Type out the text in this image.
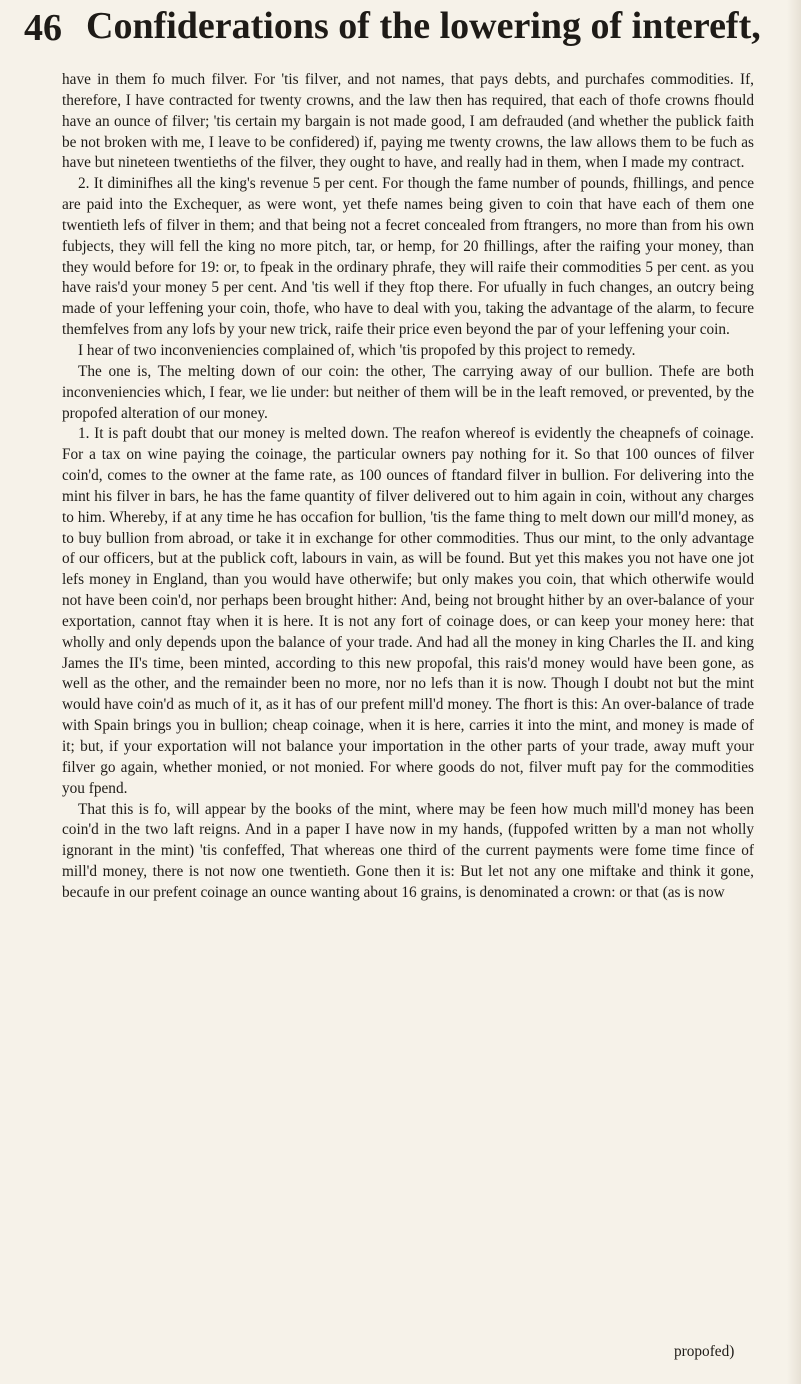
46 Confiderations of the lowering of intereft,

have in them fo much filver. For 'tis filver, and not names, that pays debts, and purchafes commodities. If, therefore, I have contracted for twenty crowns, and the law then has required, that each of thofe crowns fhould have an ounce of filver; 'tis certain my bargain is not made good, I am defrauded (and whether the publick faith be not broken with me, I leave to be confidered) if, paying me twenty crowns, the law allows them to be fuch as have but nineteen twentieths of the filver, they ought to have, and really had in them, when I made my contract.

2. It diminifhes all the king's revenue 5 per cent. For though the fame number of pounds, fhillings, and pence are paid into the Exchequer, as were wont, yet thefe names being given to coin that have each of them one twentieth lefs of filver in them; and that being not a fecret concealed from ftrangers, no more than from his own fubjects, they will fell the king no more pitch, tar, or hemp, for 20 fhillings, after the raifing your money, than they would before for 19: or, to fpeak in the ordinary phrafe, they will raife their commodities 5 per cent. as you have rais'd your money 5 per cent. And 'tis well if they ftop there. For ufually in fuch changes, an outcry being made of your leffening your coin, thofe, who have to deal with you, taking the advantage of the alarm, to fecure themfelves from any lofs by your new trick, raife their price even beyond the par of your leffening your coin.

I hear of two inconveniencies complained of, which 'tis propofed by this project to remedy.

The one is, The melting down of our coin: the other, The carrying away of our bullion. Thefe are both inconveniencies which, I fear, we lie under: but neither of them will be in the leaft removed, or prevented, by the propofed alteration of our money.

1. It is paft doubt that our money is melted down. The reafon whereof is evidently the cheapnefs of coinage. For a tax on wine paying the coinage, the particular owners pay nothing for it. So that 100 ounces of filver coin'd, comes to the owner at the fame rate, as 100 ounces of ftandard filver in bullion. For delivering into the mint his filver in bars, he has the fame quantity of filver delivered out to him again in coin, without any charges to him. Whereby, if at any time he has occafion for bullion, 'tis the fame thing to melt down our mill'd money, as to buy bullion from abroad, or take it in exchange for other commodities. Thus our mint, to the only advantage of our officers, but at the publick coft, labours in vain, as will be found. But yet this makes you not have one jot lefs money in England, than you would have otherwife; but only makes you coin, that which otherwife would not have been coin'd, nor perhaps been brought hither: And, being not brought hither by an over-balance of your exportation, cannot ftay when it is here. It is not any fort of coinage does, or can keep your money here: that wholly and only depends upon the balance of your trade. And had all the money in king Charles the II. and king James the II's time, been minted, according to this new propofal, this rais'd money would have been gone, as well as the other, and the remainder been no more, nor no lefs than it is now. Though I doubt not but the mint would have coin'd as much of it, as it has of our prefent mill'd money. The fhort is this: An over-balance of trade with Spain brings you in bullion; cheap coinage, when it is here, carries it into the mint, and money is made of it; but, if your exportation will not balance your importation in the other parts of your trade, away muft your filver go again, whether monied, or not monied. For where goods do not, filver muft pay for the commodities you fpend.

That this is fo, will appear by the books of the mint, where may be feen how much mill'd money has been coin'd in the two laft reigns. And in a paper I have now in my hands, (fuppofed written by a man not wholly ignorant in the mint) 'tis confeffed, That whereas one third of the current payments were fome time fince of mill'd money, there is not now one twentieth. Gone then it is: But let not any one miftake and think it gone, becaufe in our prefent coinage an ounce wanting about 16 grains, is denominated a crown: or that (as is now

propofed)
